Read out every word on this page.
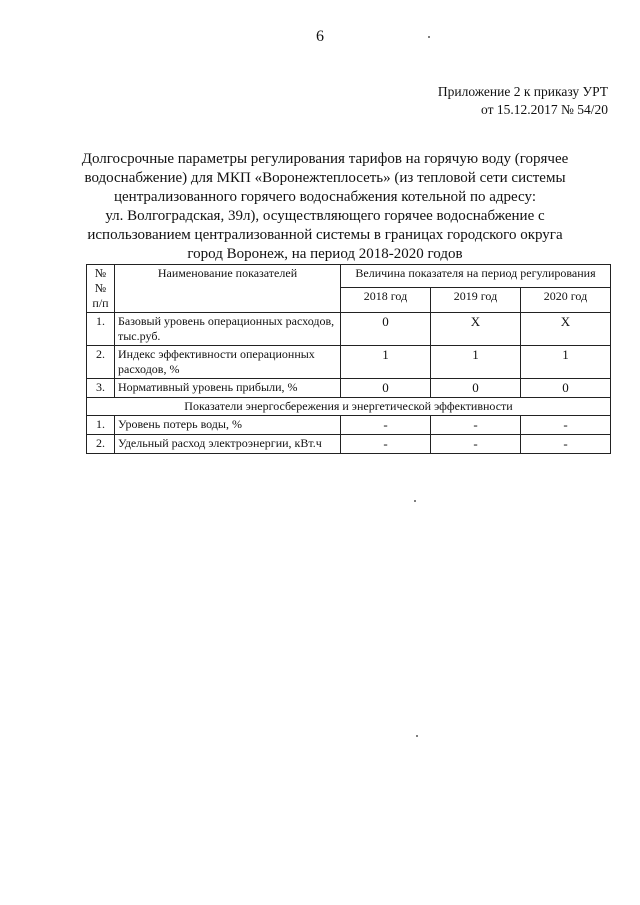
6
Приложение 2 к приказу УРТ
от 15.12.2017 № 54/20
Долгосрочные параметры регулирования тарифов на горячую воду (горячее
водоснабжение) для МКП «Воронежтеплосеть» (из тепловой сети системы
централизованного горячего водоснабжения котельной по адресу:
ул. Волгоградская, 39л), осуществляющего горячее водоснабжение с
использованием централизованной системы в границах городского округа
город Воронеж, на период 2018-2020 годов
№№ п/п	Наименование показателей	Величина показателя на период регулирования		
		2018 год	2019 год	2020 год
1.	Базовый уровень операционных расходов, тыс.руб.	0	X	X
2.	Индекс эффективности операционных расходов, %	1	1	1
3.	Нормативный уровень прибыли, %	0	0	0
Показатели энергосбережения и энергетической эффективности				
1.	Уровень потерь воды, %	-	-	-
2.	Удельный расход электроэнергии, кВт.ч	-	-	-
